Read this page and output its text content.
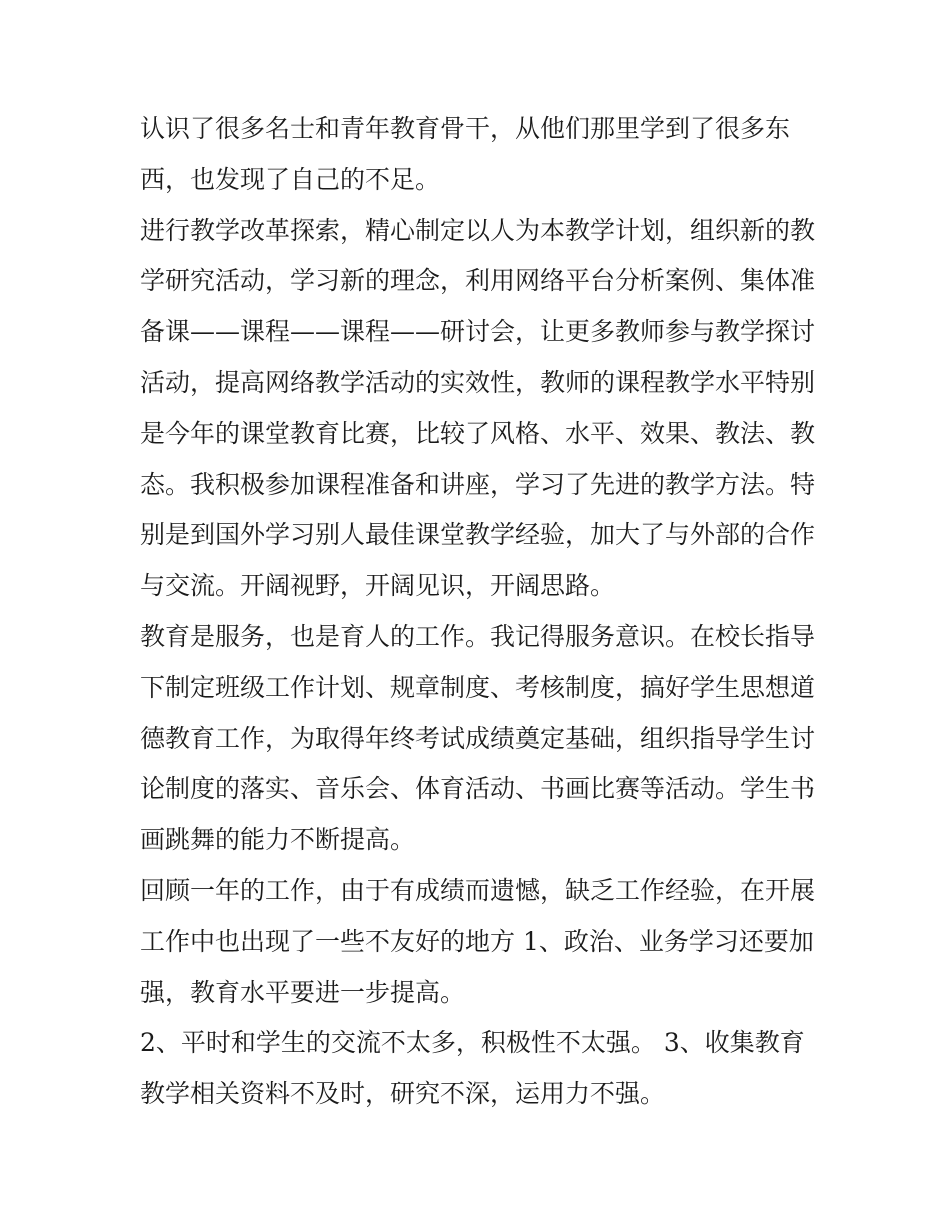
认识了很多名士和青年教育骨干，从他们那里学到了很多东
西，也发现了自己的不足。

进行教学改革探索，精心制定以人为本教学计划，组织新的教
学研究活动，学习新的理念，利用网络平台分析案例、集体准
备课——课程——课程——研讨会，让更多教师参与教学探讨
活动，提高网络教学活动的实效性，教师的课程教学水平特别
是今年的课堂教育比赛，比较了风格、水平、效果、教法、教
态。我积极参加课程准备和讲座，学习了先进的教学方法。特
别是到国外学习别人最佳课堂教学经验，加大了与外部的合作
与交流。开阔视野，开阔见识，开阔思路。

教育是服务，也是育人的工作。我记得服务意识。在校长指导
下制定班级工作计划、规章制度、考核制度，搞好学生思想道
德教育工作，为取得年终考试成绩奠定基础，组织指导学生讨
论制度的落实、音乐会、体育活动、书画比赛等活动。学生书
画跳舞的能力不断提高。

回顾一年的工作，由于有成绩而遗憾，缺乏工作经验，在开展
工作中也出现了一些不友好的地方 1、政治、业务学习还要加
强，教育水平要进一步提高。

2、平时和学生的交流不太多，积极性不太强。 3、收集教育
教学相关资料不及时，研究不深，运用力不强。
